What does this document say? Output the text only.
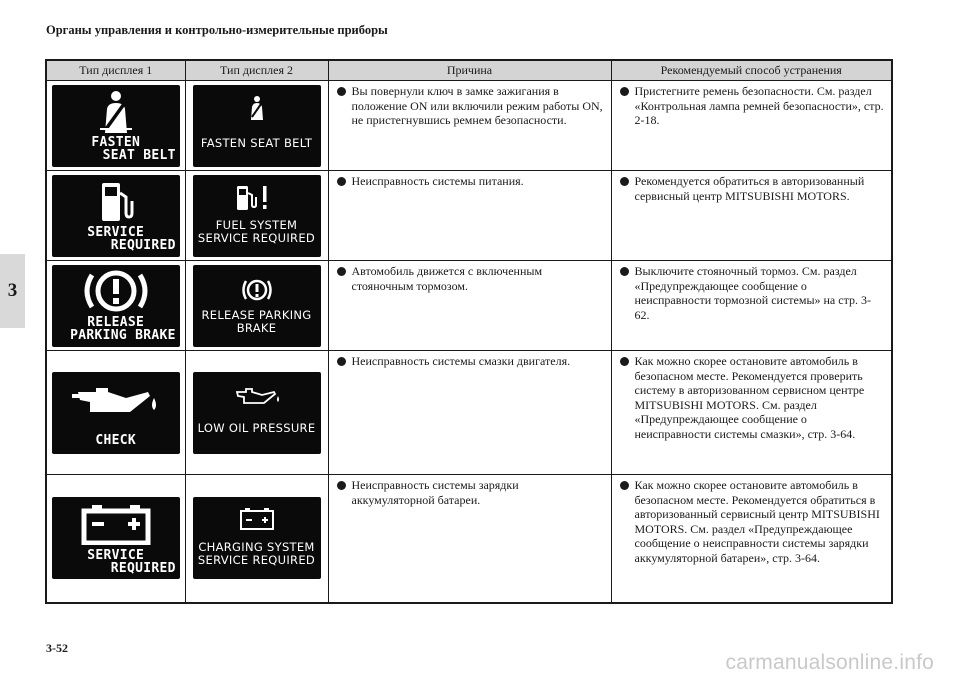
Органы управления и контрольно-измерительные приборы
3
Тип дисплея 1	Тип дисплея 2	Причина	Рекомендуемый способ устранения

FASTEN
SEAT BELT	FASTEN SEAT BELT	Вы повернули ключ в замке зажигания в положение ON или включили режим работы ON, не пристегнувшись ремнем безопасности.	Пристегните ремень безопасности. См. раздел «Контрольная лампа ремней безопасности», стр. 2-18.

SERVICE
REQUIRED	FUEL SYSTEM
SERVICE REQUIRED	Неисправность системы питания.	Рекомендуется обратиться в авторизованный сервисный центр MITSUBISHI MOTORS.

RELEASE
PARKING BRAKE	RELEASE PARKING
BRAKE	Автомобиль движется с включенным стояночным тормозом.	Выключите стояночный тормоз. См. раздел «Предупреждающее сообщение о неисправности тормозной системы» на стр. 3-62.

CHECK	LOW OIL PRESSURE	Неисправность системы смазки двигателя.	Как можно скорее остановите автомобиль в безопасном месте. Рекомендуется проверить систему в авторизованном сервисном центре MITSUBISHI MOTORS. См. раздел «Предупреждающее сообщение о неисправности системы смазки», стр. 3-64.

SERVICE
REQUIRED	CHARGING SYSTEM
SERVICE REQUIRED	Неисправность системы зарядки аккумуляторной батареи.	Как можно скорее остановите автомобиль в безопасном месте. Рекомендуется обратиться в авторизованный сервисный центр MITSUBISHI MOTORS. См. раздел «Предупреждающее сообщение о неисправности системы зарядки аккумуляторной батареи», стр. 3-64.
3-52
carmanualsonline.info
